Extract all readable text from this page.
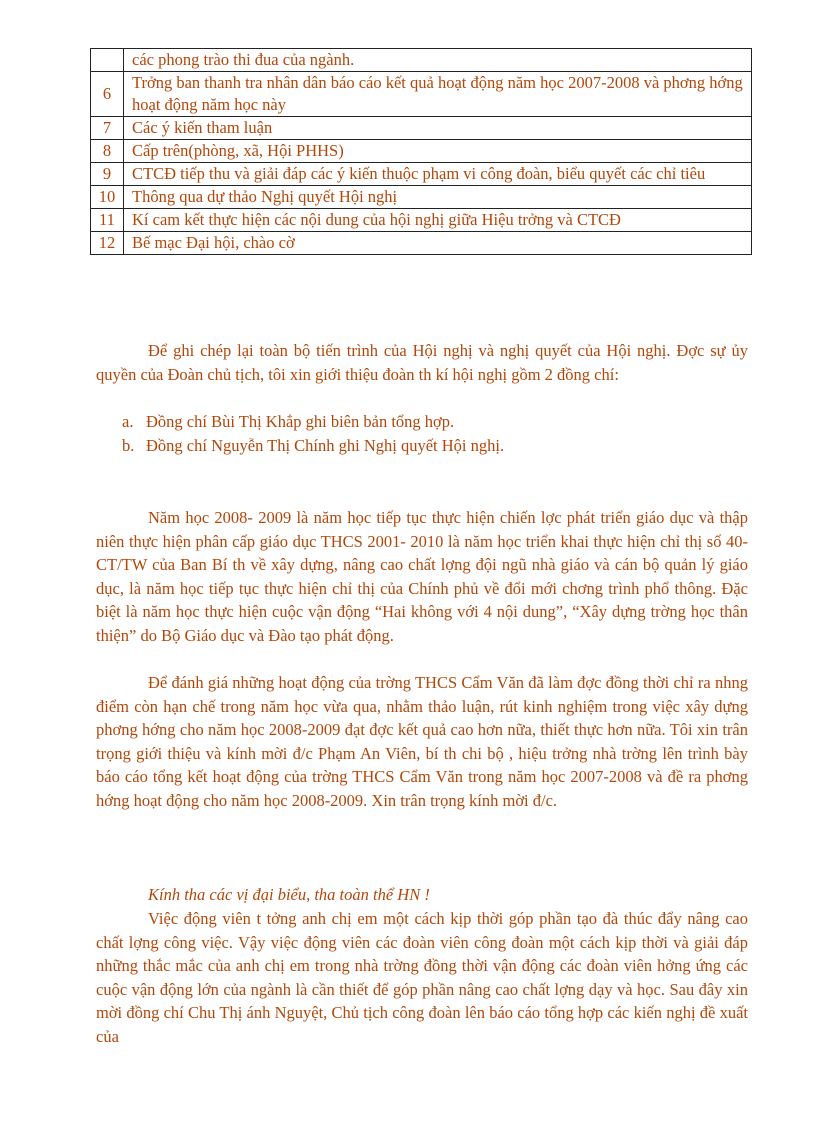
	các phong trào thi đua của ngành.
6	Trởng ban thanh tra nhân dân báo cáo kết quả hoạt động năm học 2007-2008 và phơng hớng hoạt động năm học này
7	Các ý kiến tham luận
8	Cấp trên(phòng, xã, Hội PHHS)
9	CTCĐ tiếp thu và giải đáp các ý kiến thuộc phạm vi công đoàn, biểu quyết các chỉ tiêu
10	Thông qua dự thảo Nghị quyết Hội nghị
11	Kí cam kết thực hiện các nội dung của hội nghị giữa Hiệu trởng và CTCĐ
12	Bế mạc Đại hội, chào cờ

Để ghi chép lại toàn bộ tiến trình của Hội nghị và nghị quyết của Hội nghị. Đợc sự ủy quyền của Đoàn chủ tịch, tôi xin giới thiệu đoàn th kí hội nghị gồm 2 đồng chí:

a. Đồng chí Bùi Thị Khắp ghi biên bản tổng hợp.
b. Đồng chí Nguyễn Thị Chính ghi Nghị quyết Hội nghị.

Năm học 2008- 2009 là năm học tiếp tục thực hiện chiến lợc phát triển giáo dục và thập niên thực hiện phân cấp giáo dục THCS 2001- 2010 là năm học triển khai thực hiện chỉ thị số 40- CT/TW của Ban Bí th về xây dựng, nâng cao chất lợng đội ngũ nhà giáo và cán bộ quản lý giáo dục, là năm học tiếp tục thực hiện chỉ thị của Chính phủ về đổi mới chơng trình phổ thông. Đặc biệt là năm học thực hiện cuộc vận động “Hai không với 4 nội dung”, “Xây dựng trờng học thân thiện” do Bộ Giáo dục và Đào tạo phát động.

Để đánh giá những hoạt động của trờng THCS Cẩm Văn đã làm đợc đồng thời chỉ ra nhng điểm còn hạn chế trong năm học vừa qua, nhằm thảo luận, rút kinh nghiệm trong việc xây dựng phơng hớng cho năm học 2008-2009 đạt đợc kết quả cao hơn nữa, thiết thực hơn nữa. Tôi xin trân trọng giới thiệu và kính mời đ/c Phạm An Viên, bí th chi bộ , hiệu trởng nhà trờng lên trình bày báo cáo tổng kết hoạt động của trờng THCS Cẩm Văn trong năm học 2007-2008 và đề ra phơng hớng hoạt động cho năm học 2008-2009. Xin trân trọng kính mời đ/c.

Kính tha các vị đại biểu, tha toàn thể HN !

Việc động viên t tởng anh chị em một cách kịp thời góp phần tạo đà thúc đẩy nâng cao chất lợng công việc. Vậy việc động viên các đoàn viên công đoàn một cách kịp thời và giải đáp những thắc mắc của anh chị em trong nhà trờng đồng thời vận động các đoàn viên hởng ứng các cuộc vận động lớn của ngành là cần thiết để góp phần nâng cao chất lợng dạy và học. Sau đây xin mời đồng chí Chu Thị ánh Nguyệt, Chủ tịch công đoàn lên báo cáo tổng hợp các kiến nghị đề xuất của
